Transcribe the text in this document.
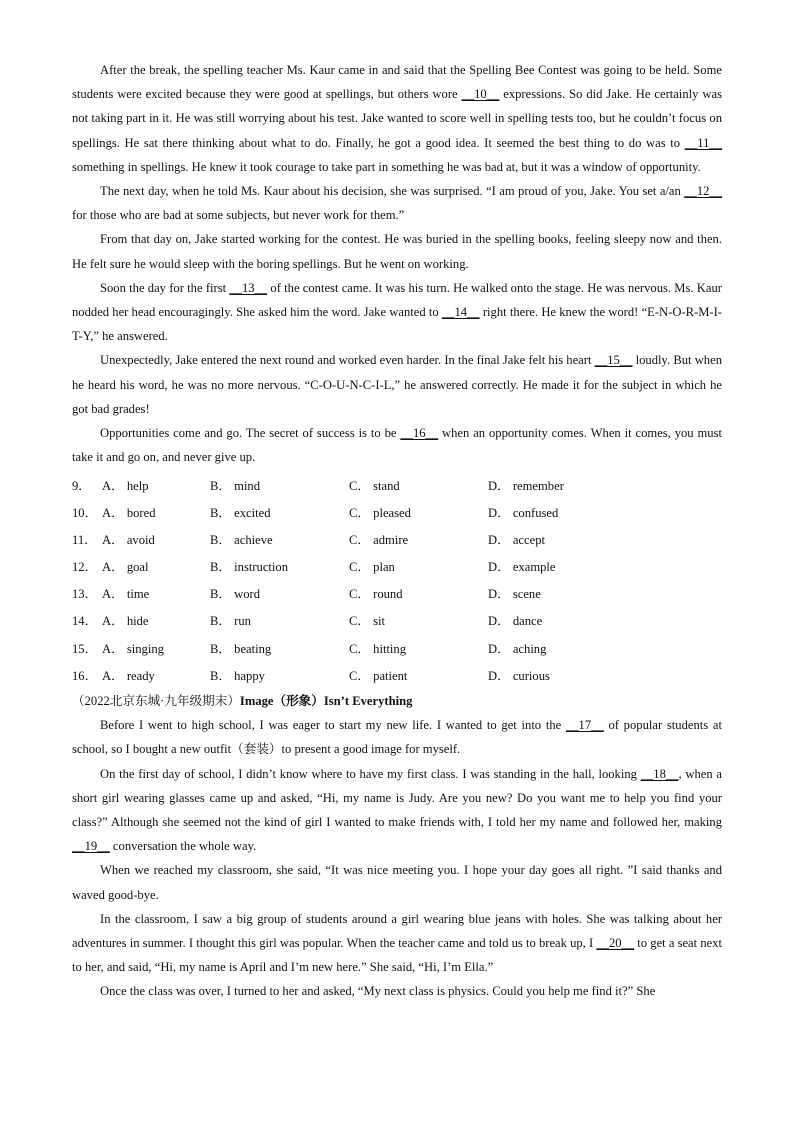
After the break, the spelling teacher Ms. Kaur came in and said that the Spelling Bee Contest was going to be held. Some students were excited because they were good at spellings, but others wore __10__ expressions. So did Jake. He certainly was not taking part in it. He was still worrying about his test. Jake wanted to score well in spelling tests too, but he couldn’t focus on spellings. He sat there thinking about what to do. Finally, he got a good idea. It seemed the best thing to do was to __11__ something in spellings. He knew it took courage to take part in something he was bad at, but it was a window of opportunity.

The next day, when he told Ms. Kaur about his decision, she was surprised. “I am proud of you, Jake. You set a/an __12__ for those who are bad at some subjects, but never work for them.”

From that day on, Jake started working for the contest. He was buried in the spelling books, feeling sleepy now and then. He felt sure he would sleep with the boring spellings. But he went on working.

Soon the day for the first __13__ of the contest came. It was his turn. He walked onto the stage. He was nervous. Ms. Kaur nodded her head encouragingly. She asked him the word. Jake wanted to __14__ right there. He knew the word! “E-N-O-R-M-I-T-Y,” he answered.

Unexpectedly, Jake entered the next round and worked even harder. In the final Jake felt his heart __15__ loudly. But when he heard his word, he was no more nervous. “C-O-U-N-C-I-L,” he answered correctly. He made it for the subject in which he got bad grades!

Opportunities come and go. The secret of success is to be __16__ when an opportunity comes. When it comes, you must take it and go on, and never give up.

9． A． help	B． mind	C． stand	D． remember
10． A． bored	B． excited	C． pleased	D． confused
11． A． avoid	B． achieve	C． admire	D． accept
12． A． goal	B． instruction	C． plan	D． example
13． A． time	B． word	C． round	D． scene
14． A． hide	B． run	C． sit	D． dance
15． A． singing	B． beating	C． hitting	D． aching
16． A． ready	B． happy	C． patient	D． curious

（2022北京东城·九年级期末）Image（形象）Isn’t Everything

Before I went to high school, I was eager to start my new life. I wanted to get into the __17__ of popular students at school, so I bought a new outfit（套装）to present a good image for myself.

On the first day of school, I didn’t know where to have my first class. I was standing in the hall, looking __18__, when a short girl wearing glasses came up and asked, “Hi, my name is Judy. Are you new? Do you want me to help you find your class?” Although she seemed not the kind of girl I wanted to make friends with, I told her my name and followed her, making __19__ conversation the whole way.

When we reached my classroom, she said, “It was nice meeting you. I hope your day goes all right. ”I said thanks and waved good-bye.

In the classroom, I saw a big group of students around a girl wearing blue jeans with holes. She was talking about her adventures in summer. I thought this girl was popular. When the teacher came and told us to break up, I __20__ to get a seat next to her, and said, “Hi, my name is April and I’m new here.” She said, “Hi, I’m Ella.”

Once the class was over, I turned to her and asked, “My next class is physics. Could you help me find it?” She
